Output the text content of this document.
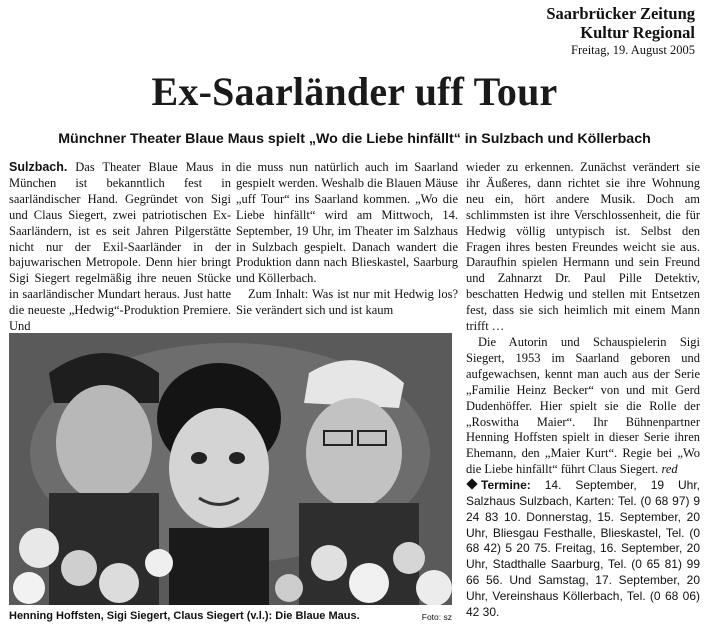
Saarbrücker Zeitung
Kultur Regional
Freitag, 19. August 2005
Ex-Saarländer uff Tour
Münchner Theater Blaue Maus spielt „Wo die Liebe hinfällt“ in Sulzbach und Köllerbach

Sulzbach. Das Theater Blaue Maus in München ist bekanntlich fest in saarländischer Hand. Gegründet von Sigi und Claus Siegert, zwei patriotischen Ex-Saarländern, ist es seit Jahren Pilgerstätte nicht nur der Exil-Saarländer in der bajuwarischen Metropole. Denn hier bringt Sigi Siegert regelmäßig ihre neuen Stücke in saarländischer Mundart heraus. Just hatte die neueste „Hedwig“-Produktion Premiere. Und

die muss nun natürlich auch im Saarland gespielt werden. Weshalb die Blauen Mäuse „uff Tour“ ins Saarland kommen. „Wo die Liebe hinfällt“ wird am Mittwoch, 14. September, 19 Uhr, im Theater im Salzhaus in Sulzbach gespielt. Danach wandert die Produktion dann nach Blieskastel, Saarburg und Köllerbach.

Zum Inhalt: Was ist nur mit Hedwig los? Sie verändert sich und ist kaum

wieder zu erkennen. Zunächst verändert sie ihr Äußeres, dann richtet sie ihre Wohnung neu ein, hört andere Musik. Doch am schlimmsten ist ihre Verschlossenheit, die für Hedwig völlig untypisch ist. Selbst den Fragen ihres besten Freundes weicht sie aus. Daraufhin spielen Hermann und sein Freund und Zahnarzt Dr. Paul Pille Detektiv, beschatten Hedwig und stellen mit Entsetzen fest, dass sie sich heimlich mit einem Mann trifft …

Die Autorin und Schauspielerin Sigi Siegert, 1953 im Saarland geboren und aufgewachsen, kennt man auch aus der Serie „Familie Heinz Becker“ von und mit Gerd Dudenhöffer. Hier spielt sie die Rolle der „Roswitha Maier“. Ihr Bühnenpartner Henning Hoffsten spielt in dieser Serie ihren Ehemann, den „Maier Kurt“. Regie bei „Wo die Liebe hinfällt“ führt Claus Siegert. red

Termine: 14. September, 19 Uhr, Salzhaus Sulzbach, Karten: Tel. (0 68 97) 9 24 83 10. Donnerstag, 15. September, 20 Uhr, Bliesgau Festhalle, Blieskastel, Tel. (0 68 42) 5 20 75. Freitag, 16. September, 20 Uhr, Stadthalle Saarburg, Tel. (0 65 81) 99 66 56. Und Samstag, 17. September, 20 Uhr, Vereinshaus Köllerbach, Tel. (0 68 06) 42 30.

Henning Hoffsten, Sigi Siegert, Claus Siegert (v.l.): Die Blaue Maus.	Foto: sz
